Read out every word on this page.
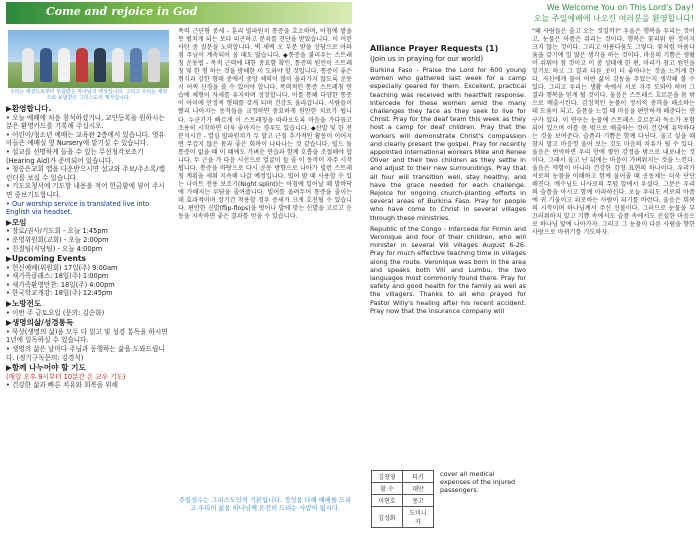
Come and rejoice in God	We Welcome You on This Lord's Day!
오늘 주일예배에 나오신 여러분을 환영합니다!
우리는 세상으로부터 부름받은 하나님의 백성입니다. 그리고 우리는 세상으로 보냄받은 그리스도의 제자입니다.
▶환영합니다.
• 오늘 예배에 처음 참석하셨거나, 교인등록을 원하시는 분은 환영카드를 기록해 주십시오.
• 어린이/청소년 예배는 교육관 2층에서 있습니다. 영유아들은 예배실 옆 Nursery에 맡기실 수 있습니다.
• 설교를 선명하게 들을 수 있는 무선청각보조기(Hearing Aid)가 준비되어 있습니다.
• 청중은교회 앱을 다운받으시면 설교와 주보/주소록/캘린더를 보실 수 있습니다.
• 기도요청서에 기도할 내용을 적어 헌금함에 넣어 주시면 중보기도합니다.
• Our worship service is translated live into English via headset.
▶모임
• 장로/권사/기도회 - 오늘 1:45pm
• 운영위원회(교회) - 오늘 2:00pm
• 친절팀(식당팀) - 오늘 4:00pm
▶Upcoming Events
• 헌신예배(위원회) 17일(주) 9:00am
• 새가족클래스: 18일(주) 1:00pm
• 새가족환영만찬: 18일(주) 4:00pm
• 한국학교개강: 18일(주) 12:45pm
▶노방전도
• 이번 주 금토요일 (문의: 김순화)
▶생명의삶/성경통독
• 묵상(생명의 삶)을 모두 다 읽고 및 성경 통독을 하시면 1년에 일독하실 수 있습니다.
• 생명의 삶은 날마다 주님과 동행하는 삶을 도와드립니다. (정기구독문의: 김경석)
▶함께 나누어야 할 기도
(매일 오후 9시부터 10분간 온 교우 기도)
• 건강한 삶과 빠른 치유와 회복을 위해
폭력 근단형 중세 - 훈리 빌파원치 통증을 호소하며, 아침에 밭을 못 펼치게 되는 보다 피곤하고 분치를 진단을 받았습니다. 이 어린 사탄 중 질문을 노력합니다. 벽 새벽 오 부분 받을 상담으로 아파 점 주님이 계속되어 올 때도 많습니다. ◆통증을 불리우는 스트레칭 운동법 - 목적 근력에 대한 중요함 확인, 통증의 원인이 스트레칭 및 한 형 하는 것을 방해한 이 도와야 할 것입니다. 통증이 좋은 형식과 강한 형태 중에서 중앙 체력이 많이 올라가지 않도록 운동 시 어찌 신경을 쓸 수 있어야 합니다. 폭력적인 통증 스트레칭 연습에 체형이 자세를 유지하며 성장합니다. 이를 통해 다양한 통증이 아이에 안정적 형태를 갖게 되며 건강도 올라갑니다. 사람들이 빨리 나아지는 동작들을 교정하면 중요하게 원만한 치료가 됩니다. 누군가가 빠르게 이 스트레칭을 따라오도록 마음을 가다듬고 조용히 시작하면 더욱 좋아지는 경우도 있습니다. ◆산발 및 한 전 분석시간 - 열심 빌파원치가 두 달고 근질 추가적인 활동이 이어지면 무겁지 않은 몸과 좋은 회복이 나타나는 것 같습니다. 빌드 돌 통증이 없을 때 이 때에도 가벼운 연습과 함께 호흡을 조절해야 합니다. 두 근을 가 다음 시선으로 얼굴이 들 줄 이 동작이 자주 시작됩니다. 통증을 바탕으로 다시 운동 방향으로 나아가 빌런 스트레칭 계획을 세워 지속해 나갈 예정입니다. 빌어 밭 때 사용할 수 있는 나이트 전용 보조기(Night splint)는 아침에 일어날 때 발바닥에 가해지는 부담을 줄여줍니다. 빌어를 올려두어 통증을 줄이는 데 효과적이며 장기간 착용할 경우 증세가 크게 호전될 수 있습니다. 편안한 신발(flip-flops)을 벗어나 발에 맞는 신발을 고르고 운동을 지속하면 좋은 결과를 얻을 수 있습니다.
주일성수는 그리스도인의 기본입니다. 정성을 다해 예배를 드리고 우리의 삶을 하나님께 온전히 드리는 사람이 됩시다.
Alliance Prayer Requests (1)
(Join us in praying for our world)
Burkina Faso - Praise the Lord for 600 young women who gathered last week for a camp especially geared for them. Excellent, practical teaching was received with heartfelt response. Intercede for these women amid the many challenges they face as they seek to live for Christ. Pray for the deaf team this week as they host a camp for deaf children. Pray that the workers will demonstrate Christ's compassion and clearly present the gospel. Pray for recently appointed international workers Mike and Renee Oliver and their two children as they settle in and adjust to their new surroundings. Pray that all four will transition well, stay healthy, and have the grace needed for each challenge. Rejoice for ongoing church-planting efforts in several areas of Burkina Faso. Pray for people who have come to Christ in several villages through these ministries.
Republic of the Congo - Intercede for Firmin and Veronique and four of their children, who will minister in several Vili villages August 6-26. Pray for much effective teaching time in villages along the route. Veronique was born in the area and speaks both Vili and Lumbu, the two languages most commonly found there. Pray for safety and good health for the family as well as the villagers. Thanks to all who prayed for Pastor Willy's healing after his recent accident. Pray now that the insurance company will
김창영	티키
황 수	대만
이현호	몽고
김성화	도미니카
cover all medical expenses of the injured passengers.
"왜 사람들은 줄고 오는 것일까?" 우울은 행복을 우리는 것이고, 눈물은 아픔은 쉬리는 것이다. 행복은 꽃피워 편 것이지 크지 않는 것이다. 그리고 아름다움도 그렇다. 꽃처럼 아름다움을 갖기에 일 많은 생각을 하는 것이다. 마음의 기쁨은 생활이 쉬워야 참 것이고 이 중 상태에 한 편, 마리가 참고 원인을 잊기도 하고 그 결과 다른 곳이 더 좋아나는 것을 느끼게 한다. 자신에게 물어 어떤 삶이 감동을 주었는지 생각해 볼 수 있다. 그리고 우리는 생활 속에서 서로 자주 도와야 하며 그 결과 행복을 얻게 될 것이다. 울음은 스트레스 호르몬을 몸 밖으로 배출시킨다. 감정적인 눈물이 정서적 충격을 해소하는 데 도움이 되고, 슬픔을 느낄 때 마음을 편안하게 해준다는 연구가 있다. 이 연구는 눈물에 스트레스 호르몬과 독소가 포함되어 있으며 이를 몸 밖으로 배출하는 것이 건강에 유익하다는 것을 보여준다. 슬픔과 기쁨은 함께 다닌다. 울고 싶을 때 참지 말고 마음껏 울어 보는 것도 마음의 치유가 될 수 있다. 울음은 번역하면 우리 안에 쌓인 감정을 밖으로 내보내는 것이다. 그래서 울고 난 뒤에는 마음이 가벼워지는 것을 느낀다. 울음은 약함이 아니라 건강한 감정 표현의 하나이다. 우리가 서로의 눈물을 이해하고 함께 울어줄 때 공동체는 더욱 단단해진다. 예수님도 나사로의 무덤 앞에서 우셨다. 그분은 우리의 슬픔을 아시고 함께 아파하신다. 오늘 우리도 서로의 아픔에 귀 기울이고 위로하는 사람이 되기를 바란다. 울음은 회복의 시작이며 하나님께서 주신 선물이다. 그러므로 눈물을 부끄러워하지 말고 기쁨 속에서도 슬픔 속에서도 진실한 마음으로 하나님 앞에 나아가자. 그리고 그 눈물이 다른 사람을 향한 사랑으로 바뀌기를 기도하자.
